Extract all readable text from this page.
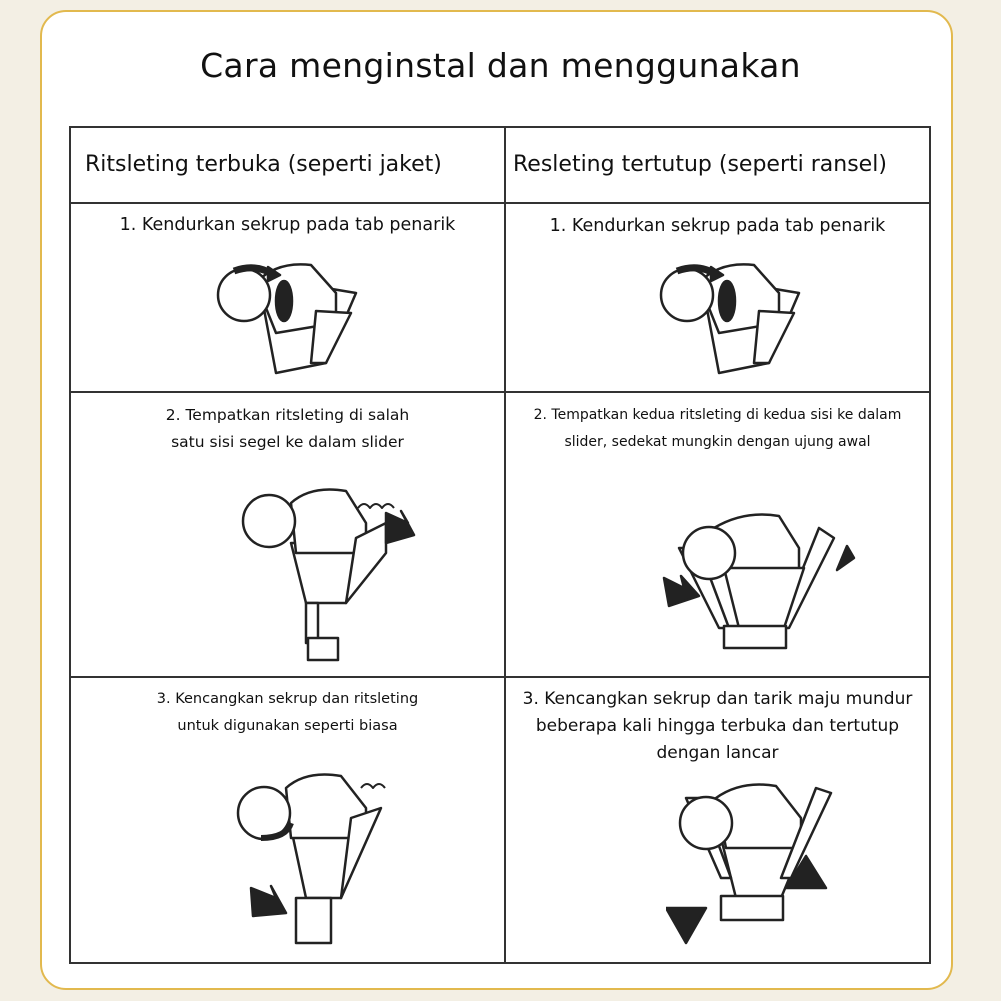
Cara menginstal dan menggunakan
Ritsleting terbuka (seperti jaket)	Resleting tertutup (seperti ransel)
1. Kendurkan sekrup pada tab penarik	1. Kendurkan sekrup pada tab penarik
2. Tempatkan ritsleting di salah
satu sisi segel ke dalam slider
2. Tempatkan kedua ritsleting di kedua sisi ke dalam
slider, sedekat mungkin dengan ujung awal
3. Kencangkan sekrup dan ritsleting
untuk digunakan seperti biasa
3. Kencangkan sekrup dan tarik maju mundur
beberapa kali hingga terbuka dan tertutup
dengan lancar
